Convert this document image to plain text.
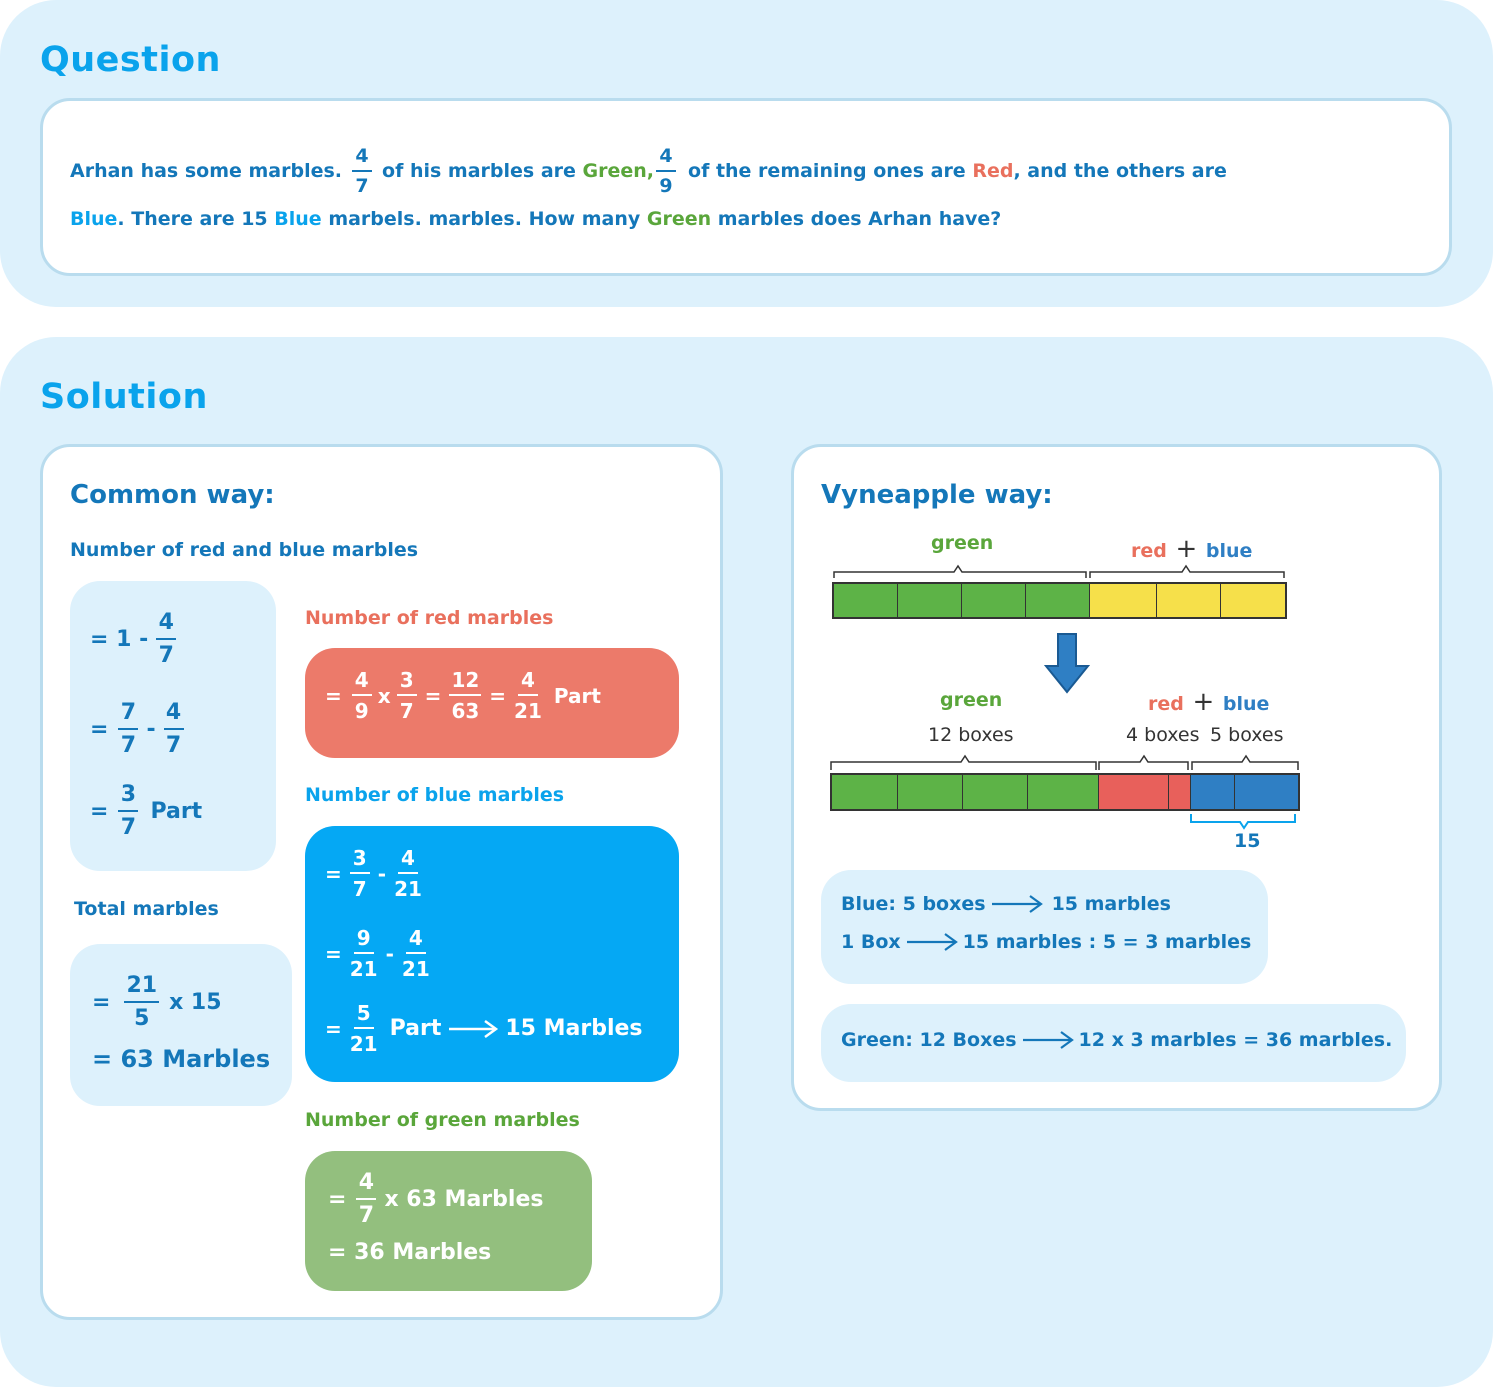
Question
Arhan has some marbles. $\frac{4}{7}$ of his marbles are
Green , $\frac{4}{9}$ of the remaining ones are
Red , and the others are
Blue. There are 15 Blue marbels. marbles. How many Green marbles does Arhan have?
Solution
Common way:
Number of red and blue marbles
=
$1 - \frac{4}{7}$
= $\frac{7}{7} - \frac{4}{7}$
= $\frac{3}{7}$ Part
Total marbles
= $\frac{21}{5}$ x 15
= 63 Marbles
Number of red marbles
= $\frac{4}{9}$ x $\frac{3}{7} = \frac{12}{63} = \frac{4}{21}$ Part
Number of blue marbles
= $\frac{3}{7} - \frac{4}{21}$
= $\frac{9}{21} - \frac{4}{21}$
= $\frac{5}{21}$ Part	15 Marbles
Number of green marbles
= $\frac{4}{7}$ x 63 Marbles
= 36 Marbles
Vyneapple way:
green	red + blue
green	red + blue
12 boxes	4 boxes 5 boxes
15
Blue: 5 boxes	15 marbles
1 Box	15 marbles : 5 = 3 marbles
Green: 12 Boxes	12 x 3 marbles = 36 marbles.
